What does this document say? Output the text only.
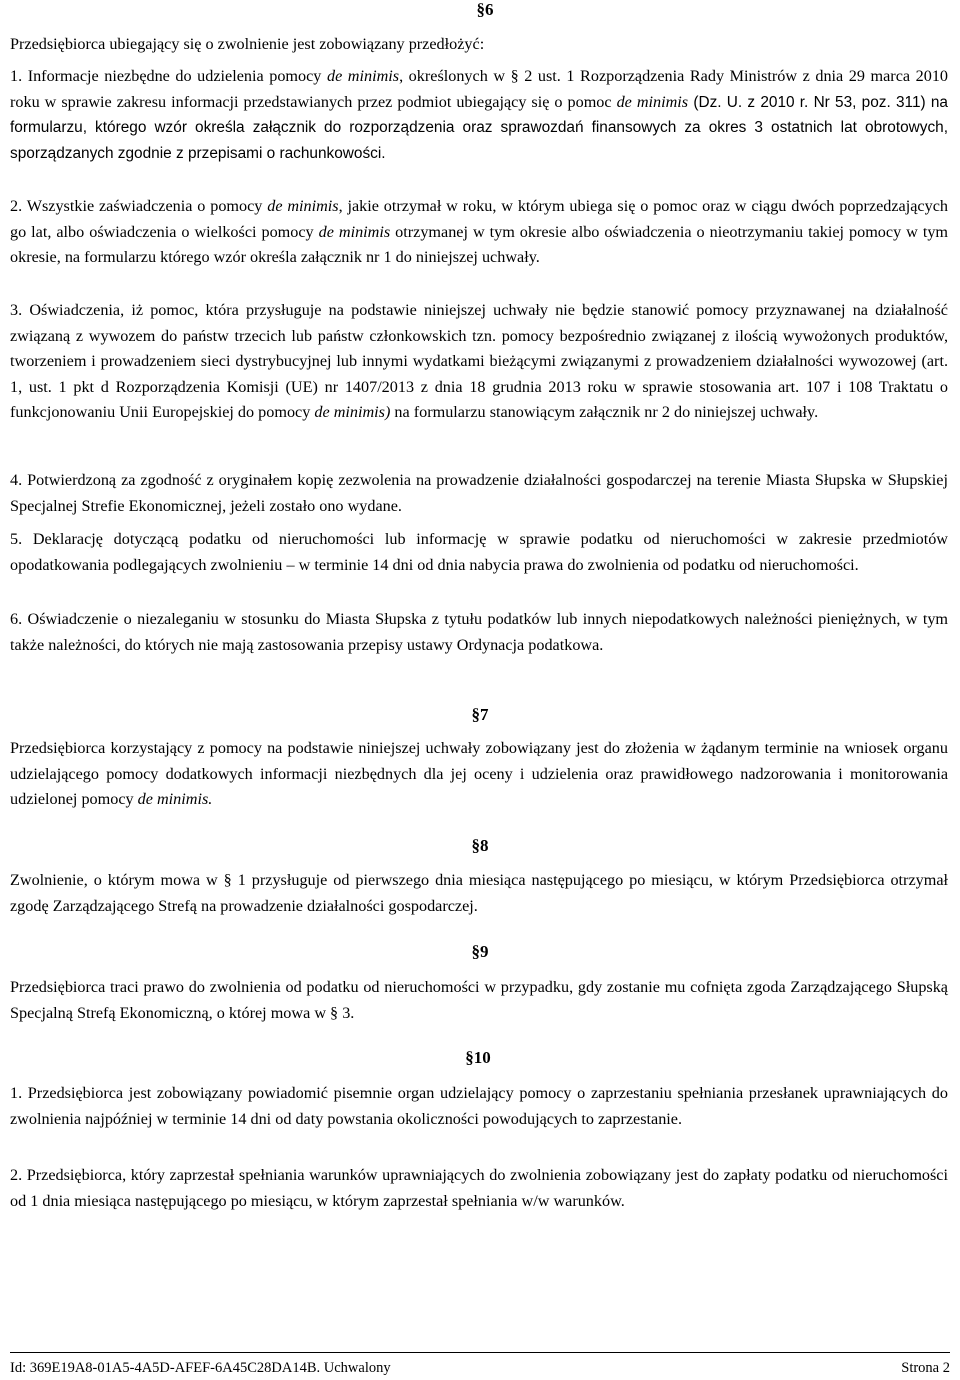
§6

Przedsiębiorca ubiegający się o zwolnienie jest zobowiązany przedłożyć:

1. Informacje niezbędne do udzielenia pomocy de minimis, określonych w § 2 ust. 1 Rozporządzenia Rady Ministrów z dnia 29 marca 2010 roku w sprawie zakresu informacji przedstawianych przez podmiot ubiegający się o pomoc de minimis (Dz. U. z 2010 r. Nr 53, poz. 311) na formularzu, którego wzór określa załącznik do rozporządzenia oraz sprawozdań finansowych za okres 3 ostatnich lat obrotowych, sporządzanych zgodnie z przepisami o rachunkowości.

2. Wszystkie zaświadczenia o pomocy de minimis, jakie otrzymał w roku, w którym ubiega się o pomoc oraz w ciągu dwóch poprzedzających go lat, albo oświadczenia o wielkości pomocy de minimis otrzymanej w tym okresie albo oświadczenia o nieotrzymaniu takiej pomocy w tym okresie, na formularzu którego wzór określa załącznik nr 1 do niniejszej uchwały.

3. Oświadczenia, iż pomoc, która przysługuje na podstawie niniejszej uchwały nie będzie stanowić pomocy przyznawanej na działalność związaną z wywozem do państw trzecich lub państw członkowskich tzn. pomocy bezpośrednio związanej z ilością wywożonych produktów, tworzeniem i prowadzeniem sieci dystrybucyjnej lub innymi wydatkami bieżącymi związanymi z prowadzeniem działalności wywozowej (art. 1, ust. 1 pkt d Rozporządzenia Komisji (UE) nr 1407/2013 z dnia 18 grudnia 2013 roku w sprawie stosowania art. 107 i 108 Traktatu o funkcjonowaniu Unii Europejskiej do pomocy de minimis) na formularzu stanowiącym załącznik nr 2 do niniejszej uchwały.

4. Potwierdzoną za zgodność z oryginałem kopię zezwolenia na prowadzenie działalności gospodarczej na terenie Miasta Słupska w Słupskiej Specjalnej Strefie Ekonomicznej, jeżeli zostało ono wydane.

5. Deklarację dotyczącą podatku od nieruchomości lub informację w sprawie podatku od nieruchomości w zakresie przedmiotów opodatkowania podlegających zwolnieniu – w terminie 14 dni od dnia nabycia prawa do zwolnienia od podatku od nieruchomości.

6. Oświadczenie o niezaleganiu w stosunku do Miasta Słupska z tytułu podatków lub innych niepodatkowych należności pieniężnych, w tym także należności, do których nie mają zastosowania przepisy ustawy Ordynacja podatkowa.

§7

Przedsiębiorca korzystający z pomocy na podstawie niniejszej uchwały zobowiązany jest do złożenia w żądanym terminie na wniosek organu udzielającego pomocy dodatkowych informacji niezbędnych dla jej oceny i udzielenia oraz prawidłowego nadzorowania i monitorowania udzielonej pomocy de minimis.

§8

Zwolnienie, o którym mowa w § 1 przysługuje od pierwszego dnia miesiąca następującego po miesiącu, w którym Przedsiębiorca otrzymał zgodę Zarządzającego Strefą na prowadzenie działalności gospodarczej.

§9

Przedsiębiorca traci prawo do zwolnienia od podatku od nieruchomości w przypadku, gdy zostanie mu cofnięta zgoda Zarządzającego Słupską Specjalną Strefą Ekonomiczną, o której mowa w § 3.

§10

1. Przedsiębiorca jest zobowiązany powiadomić pisemnie organ udzielający pomocy o zaprzestaniu spełniania przesłanek uprawniających do zwolnienia najpóźniej w terminie 14 dni od daty powstania okoliczności powodujących to zaprzestanie.

2. Przedsiębiorca, który zaprzestał spełniania warunków uprawniających do zwolnienia zobowiązany jest do zapłaty podatku od nieruchomości od 1 dnia miesiąca następującego po miesiącu, w którym zaprzestał spełniania w/w warunków.

Id: 369E19A8-01A5-4A5D-AFEF-6A45C28DA14B. Uchwalony	Strona 2
